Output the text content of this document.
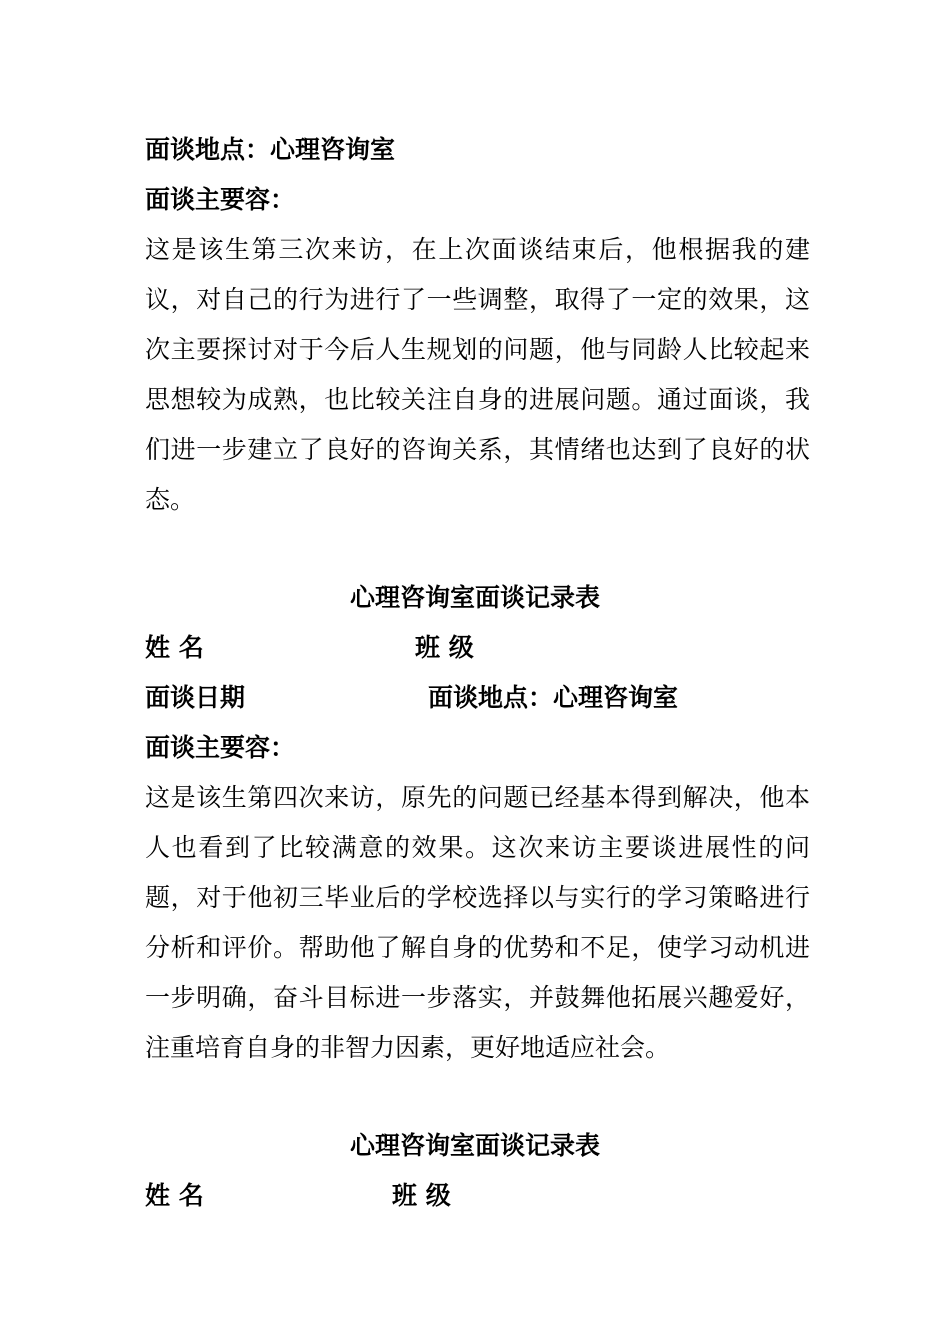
面谈地点：心理咨询室
面谈主要容：
这是该生第三次来访，在上次面谈结束后，他根据我的建议，对自己的行为进行了一些调整，取得了一定的效果，这次主要探讨对于今后人生规划的问题，他与同龄人比较起来思想较为成熟，也比较关注自身的进展问题。通过面谈，我们进一步建立了良好的咨询关系，其情绪也达到了良好的状态。
心理咨询室面谈记录表
姓 名	班 级
面谈日期	面谈地点：心理咨询室
面谈主要容：
这是该生第四次来访，原先的问题已经基本得到解决，他本人也看到了比较满意的效果。这次来访主要谈进展性的问题，对于他初三毕业后的学校选择以与实行的学习策略进行分析和评价。帮助他了解自身的优势和不足，使学习动机进一步明确，奋斗目标进一步落实，并鼓舞他拓展兴趣爱好，注重培育自身的非智力因素，更好地适应社会。
心理咨询室面谈记录表
姓 名	班 级
